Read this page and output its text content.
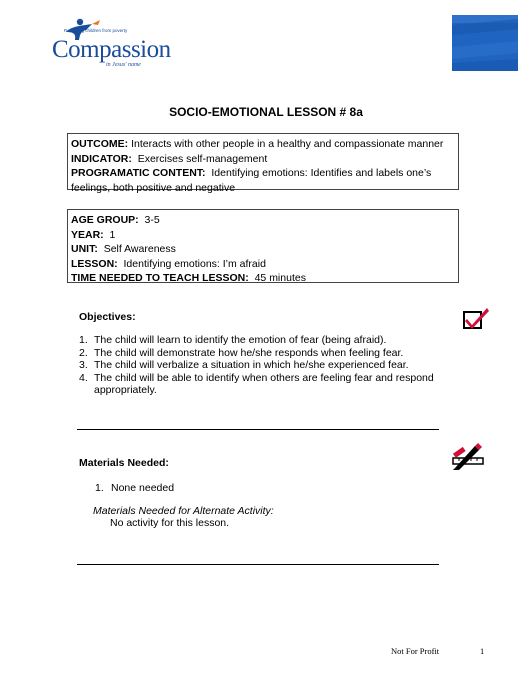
Releasing children from poverty
Compassion
in Jesus' name
SOCIO-EMOTIONAL LESSON # 8a
OUTCOME: Interacts with other people in a healthy and compassionate manner
INDICATOR: Exercises self-management
PROGRAMATIC CONTENT: Identifying emotions: Identifies and labels one’s
feelings, both positive and negative
AGE GROUP: 3-5
YEAR: 1
UNIT: Self Awareness
LESSON: Identifying emotions: I’m afraid
TIME NEEDED TO TEACH LESSON: 45 minutes
Objectives:
1. The child will learn to identify the emotion of fear (being afraid).
2. The child will demonstrate how he/she responds when feeling fear.
3. The child will verbalize a situation in which he/she experienced fear.
4. The child will be able to identify when others are feeling fear and respond
appropriately.
Materials Needed:
1. None needed
Materials Needed for Alternate Activity:
No activity for this lesson.
Not For Profit	1
